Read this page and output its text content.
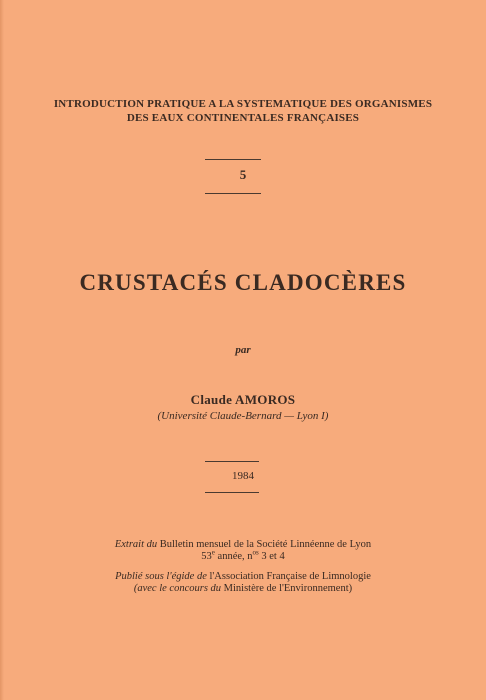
INTRODUCTION PRATIQUE A LA SYSTEMATIQUE DES ORGANISMES
DES EAUX CONTINENTALES FRANÇAISES
5
CRUSTACÉS CLADOCÈRES
par
Claude AMOROS
(Université Claude-Bernard — Lyon I)
1984
Extrait du Bulletin mensuel de la Société Linnéenne de Lyon
53e année, $n^{os}$ 3 et 4
Publié sous l'égide de l'Association Française de Limnologie
(avec le concours du Ministère de l'Environnement)
